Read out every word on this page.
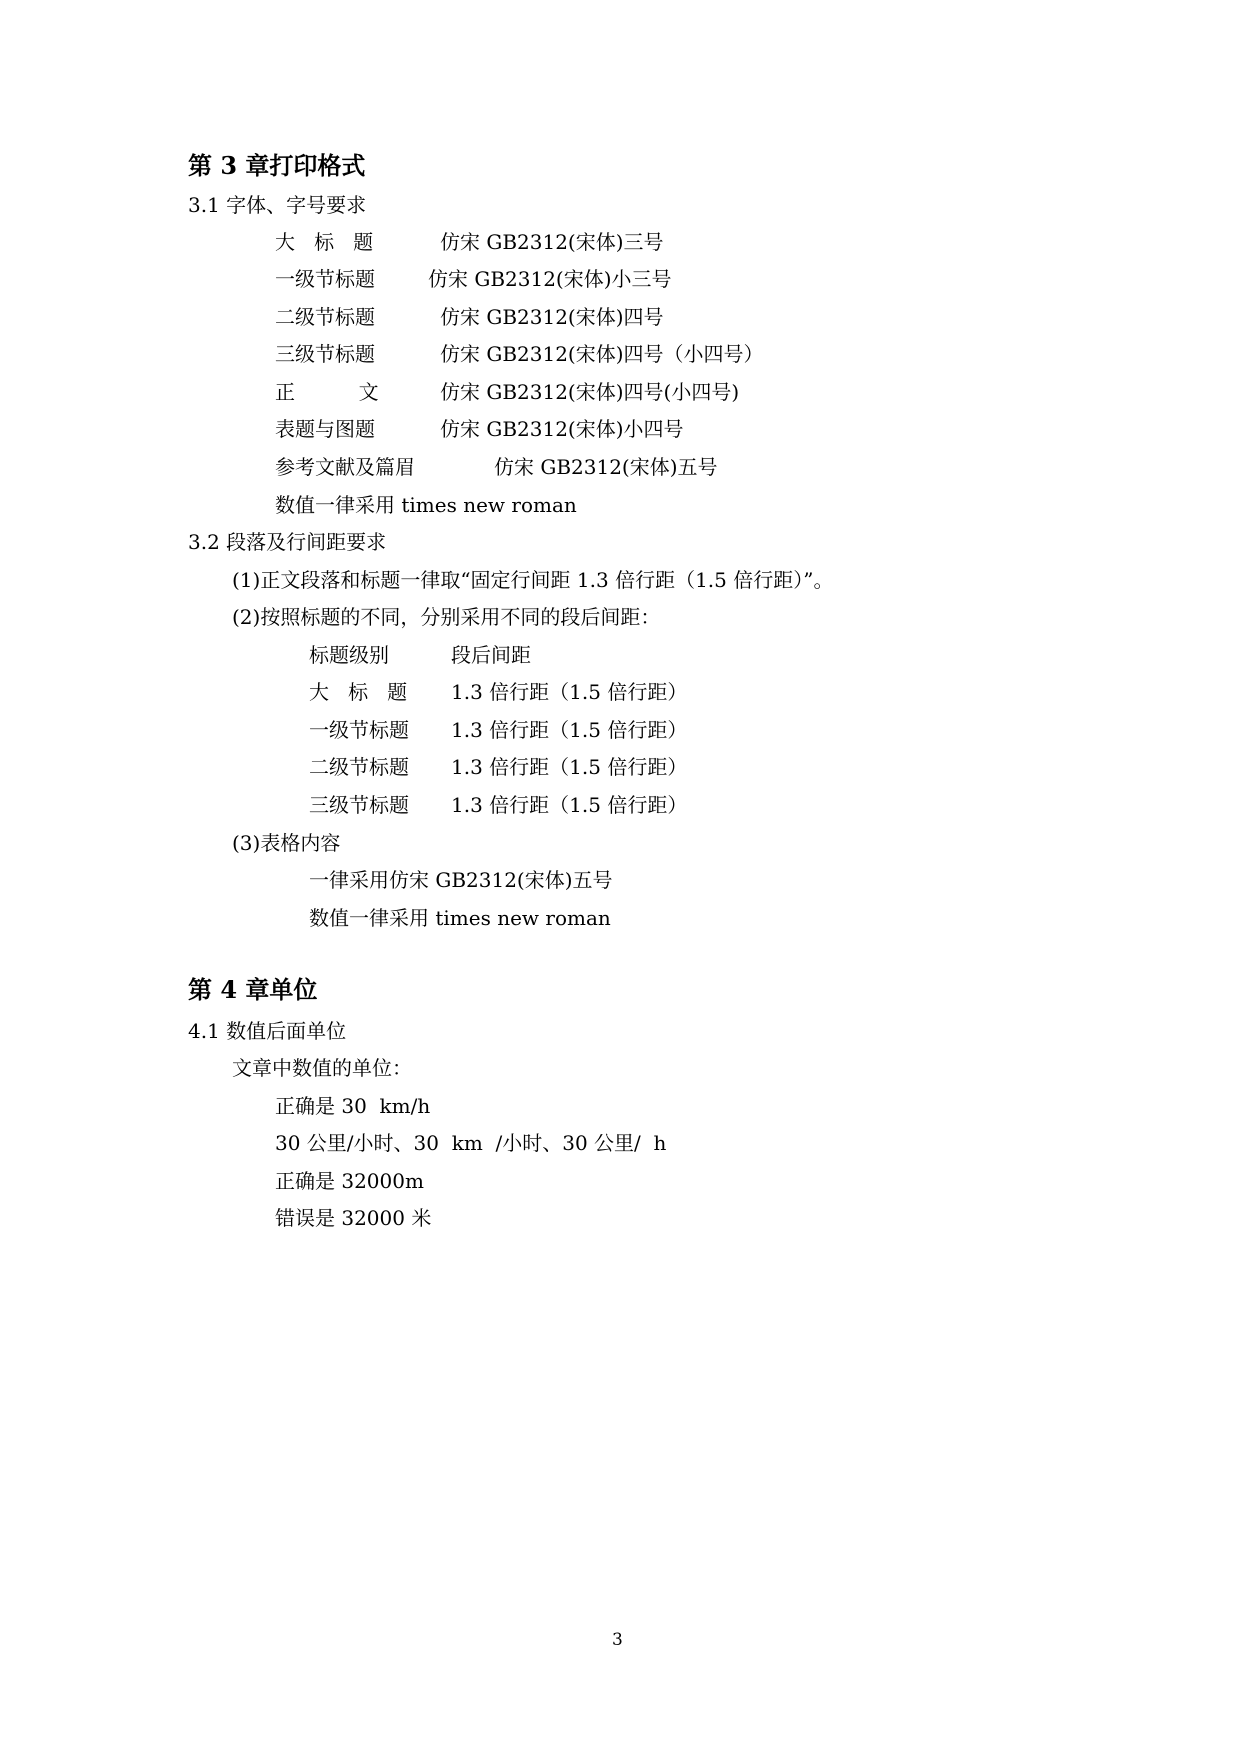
第 3 章打印格式
3.1 字体、字号要求
大   标   题	仿宋 GB2312(宋体)三号
一级节标题	仿宋 GB2312(宋体)小三号
二级节标题	仿宋 GB2312(宋体)四号
三级节标题	仿宋 GB2312(宋体)四号（小四号）
正          文	仿宋 GB2312(宋体)四号(小四号)
表题与图题	仿宋 GB2312(宋体)小四号
参考文献及篇眉	仿宋 GB2312(宋体)五号
数值一律采用 times new roman
3.2 段落及行间距要求
(1)正文段落和标题一律取“固定行间距 1.3 倍行距（1.5 倍行距）”。
(2)按照标题的不同，分别采用不同的段后间距：
标题级别	段后间距
大   标   题 1.3 倍行距（1.5 倍行距）
一级节标题 1.3 倍行距（1.5 倍行距）
二级节标题 1.3 倍行距（1.5 倍行距）
三级节标题 1.3 倍行距（1.5 倍行距）
(3)表格内容
一律采用仿宋 GB2312(宋体)五号
数值一律采用 times new roman
第 4 章单位
4.1 数值后面单位
文章中数值的单位：
正确是 30  km/h
30 公里/小时、30  km  /小时、30 公里/  h
正确是 32000m
错误是 32000 米
3
